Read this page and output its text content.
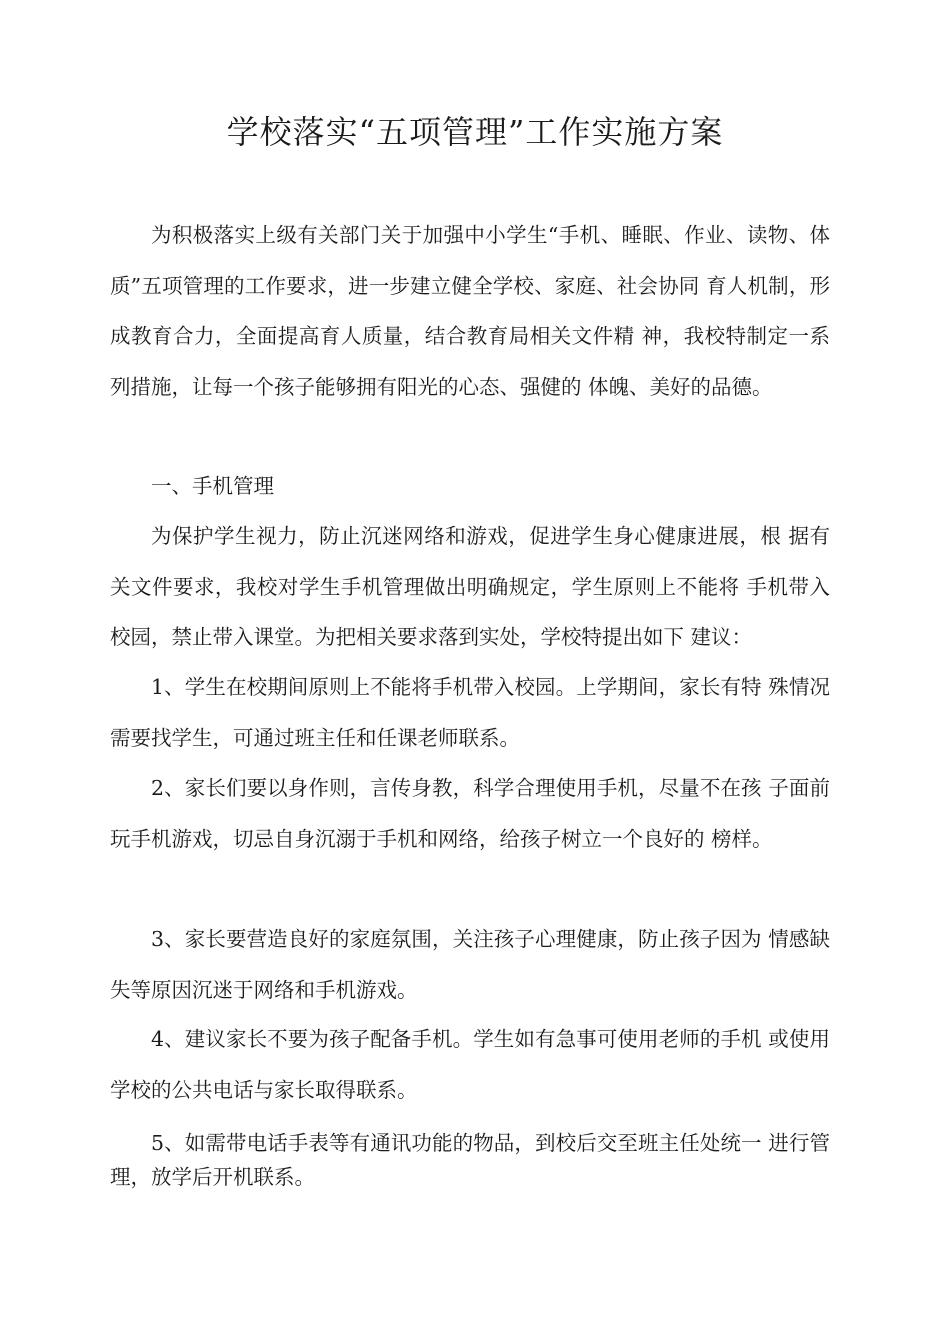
学校落实“五项管理”工作实施方案

为积极落实上级有关部门关于加强中小学生“手机、睡眠、作业、读物、体质”五项管理的工作要求，进一步建立健全学校、家庭、社会协同 育人机制，形成教育合力，全面提高育人质量，结合教育局相关文件精 神，我校特制定一系列措施，让每一个孩子能够拥有阳光的心态、强健的 体魄、美好的品德。

一、手机管理

为保护学生视力，防止沉迷网络和游戏，促进学生身心健康进展，根 据有关文件要求，我校对学生手机管理做出明确规定，学生原则上不能将 手机带入校园，禁止带入课堂。为把相关要求落到实处，学校特提出如下 建议：

1、学生在校期间原则上不能将手机带入校园。上学期间，家长有特 殊情况需要找学生，可通过班主任和任课老师联系。

2、家长们要以身作则，言传身教，科学合理使用手机，尽量不在孩 子面前玩手机游戏，切忌自身沉溺于手机和网络，给孩子树立一个良好的 榜样。

3、家长要营造良好的家庭氛围，关注孩子心理健康，防止孩子因为 情感缺失等原因沉迷于网络和手机游戏。

4、建议家长不要为孩子配备手机。学生如有急事可使用老师的手机 或使用学校的公共电话与家长取得联系。

5、如需带电话手表等有通讯功能的物品，到校后交至班主任处统一 进行管理，放学后开机联系。
